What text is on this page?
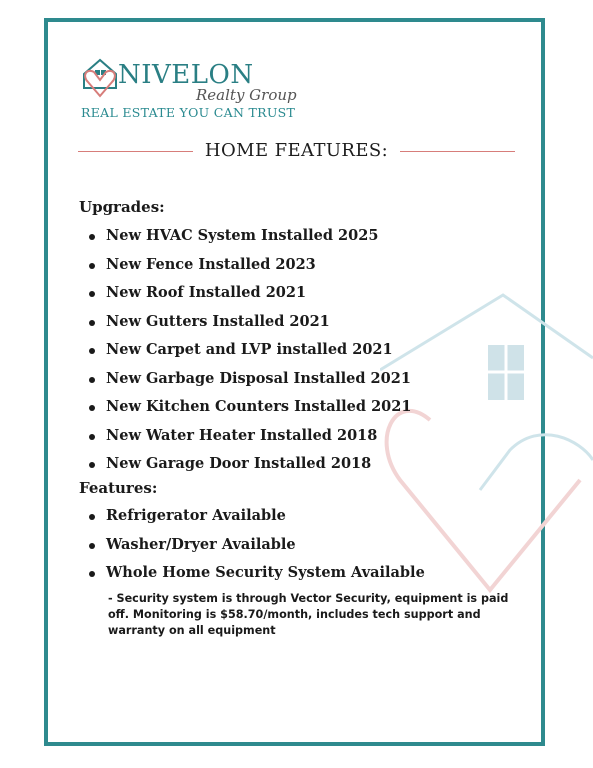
NIVELON
Realty Group
REAL ESTATE YOU CAN TRUST
HOME FEATURES:
Upgrades:
New HVAC System Installed 2025
New Fence Installed 2023
New Roof Installed 2021
New Gutters Installed 2021
New Carpet and LVP installed 2021
New Garbage Disposal Installed 2021
New Kitchen Counters Installed 2021
New Water Heater Installed 2018
New Garage Door Installed 2018
Features:
Refrigerator Available
Washer/Dryer Available
Whole Home Security System Available
- Security system is through Vector Security, equipment is paid off. Monitoring is $58.70/month, includes tech support and warranty on all equipment
